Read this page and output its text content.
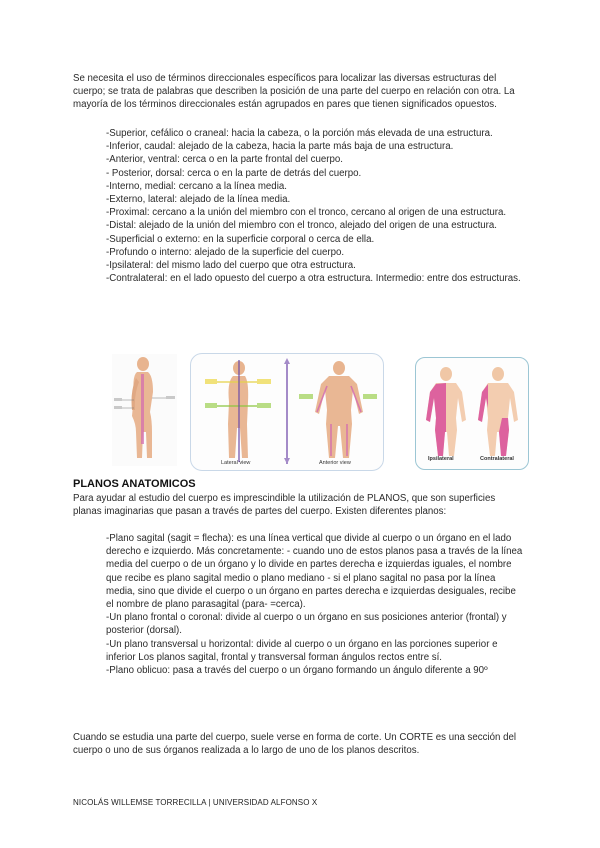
Se necesita el uso de términos direccionales específicos para localizar las diversas estructuras del cuerpo; se trata de palabras que describen la posición de una parte del cuerpo en relación con otra. La mayoría de los términos direccionales están agrupados en pares que tienen significados opuestos.

-Superior, cefálico o craneal: hacia la cabeza, o la porción más elevada de una estructura.
-Inferior, caudal: alejado de la cabeza, hacia la parte más baja de una estructura.
-Anterior, ventral: cerca o en la parte frontal del cuerpo.
- Posterior, dorsal: cerca o en la parte de detrás del cuerpo.
-Interno, medial: cercano a la línea media.
-Externo, lateral: alejado de la línea media.
-Proximal: cercano a la unión del miembro con el tronco, cercano al origen de una estructura.
-Distal: alejado de la unión del miembro con el tronco, alejado del origen de una estructura.
-Superficial o externo: en la superficie corporal o cerca de ella.
-Profundo o interno: alejado de la superficie del cuerpo.
-Ipsilateral: del mismo lado del cuerpo que otra estructura.
-Contralateral: en el lado opuesto del cuerpo a otra estructura. Intermedio: entre dos estructuras.
Lateral view	Anterior view
Ipsilateral	Contralateral
PLANOS ANATOMICOS

Para ayudar al estudio del cuerpo es imprescindible la utilización de PLANOS, que son superficies planas imaginarias que pasan a través de partes del cuerpo. Existen diferentes planos:

-Plano sagital (sagit = flecha): es una línea vertical que divide al cuerpo o un órgano en el lado derecho e izquierdo. Más concretamente: - cuando uno de estos planos pasa a través de la línea media del cuerpo o de un órgano y lo divide en partes derecha e izquierdas iguales, el nombre que recibe es plano sagital medio o plano mediano - si el plano sagital no pasa por la línea media, sino que divide el cuerpo o un órgano en partes derecha e izquierdas desiguales, recibe el nombre de plano parasagital (para- =cerca).
-Un plano frontal o coronal: divide al cuerpo o un órgano en sus posiciones anterior (frontal) y posterior (dorsal).
-Un plano transversal u horizontal: divide al cuerpo o un órgano en las porciones superior e inferior Los planos sagital, frontal y transversal forman ángulos rectos entre sí.
-Plano oblicuo: pasa a través del cuerpo o un órgano formando un ángulo diferente a 90º

Cuando se estudia una parte del cuerpo, suele verse en forma de corte. Un CORTE es una sección del cuerpo o uno de sus órganos realizada a lo largo de uno de los planos descritos.

NICOLÁS WILLEMSE TORRECILLA | UNIVERSIDAD ALFONSO X
